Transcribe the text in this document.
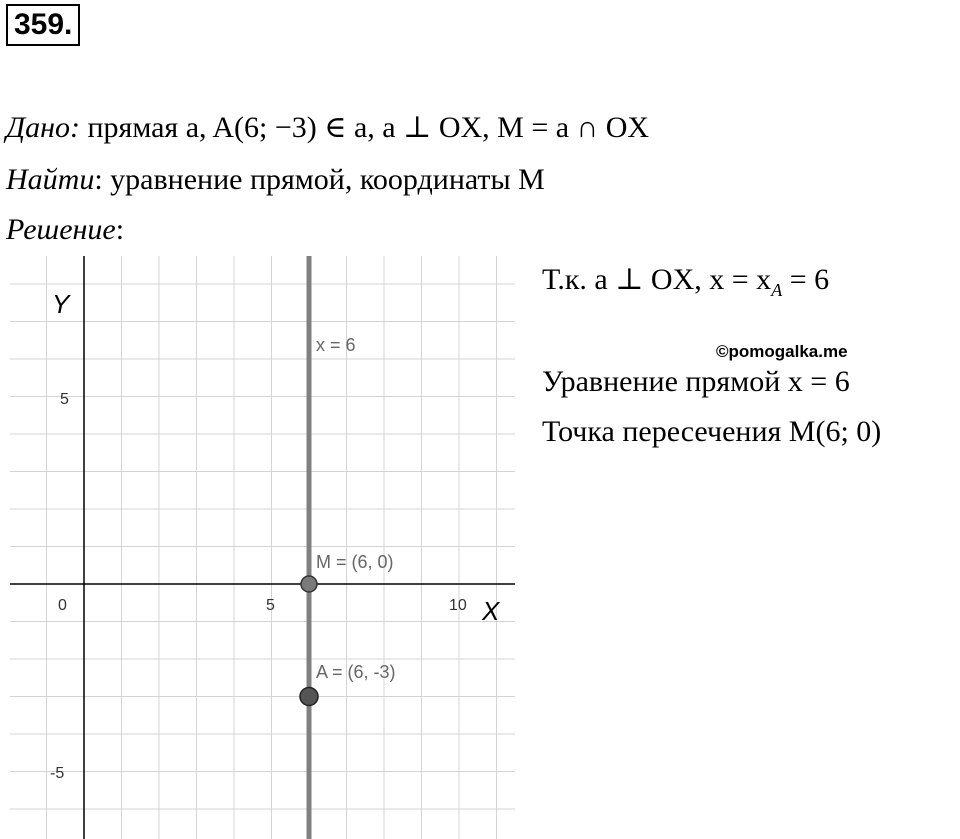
359.
Дано: прямая a, A(6; −3) ∈ a, a ⊥ OX, M = a ∩ OX
Найти: уравнение прямой, координаты M
Решение:
Y
X
0	5	10
5
-5
x = 6
M = (6, 0)
A = (6, -3)
Т.к. a ⊥ OX, $x = x_A = 6$
©pomogalka.me
Уравнение прямой x = 6
Точка пересечения M(6; 0)
